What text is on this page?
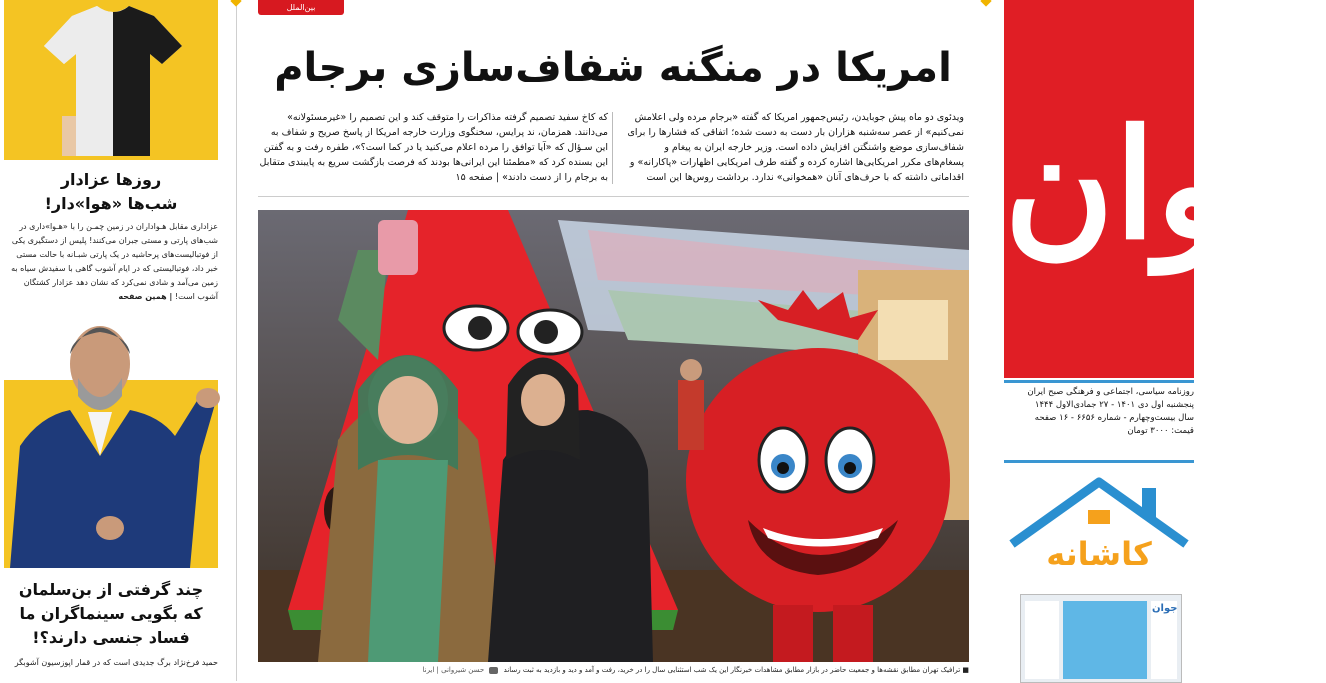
روزها عزادار
شب‌ها «هوا»دار!
عزاداری مقابل هـواداران در زمین چمـن را با «هـوا»داری در شب‌های پارتی و مستی جبران می‌کنند! پلیس از دستگیری یکی از فوتبالیست‌های پرحاشیه در یک پارتی شبـانه با حالت مستی خبر داد، فوتبالیستی که در ایام آشوب گاهی با سفیدش سیاه به زمین می‌آمد و شادی نمی‌کرد که نشان دهد عزادار کشتگان آشوب است! | همین صفحه
چند گرفتی از بن‌سلمان
که بگویی سینماگران ما
فساد جنسی دارند؟!
حمید فرخ‌نژاد برگ جدیدی است که در قمار اپوزسیون آشوبگر
بین‌الملل
امریکا در منگنه شفاف‌سازی برجام
ویدئوی دو ماه پیش جوبایدن، رئیس‌جمهور امریکا که گفته «برجام مرده ولی اعلامش نمی‌کنیم» از عصر سه‌شنبه هزاران بار دست به دست شده؛ اتفاقی که فشارها را برای شفاف‌سازی موضع واشنگتن افزایش داده است. وزیر خارجه ایران به پیغام و پسغام‌های مکرر امریکایی‌ها اشاره کرده و گفته طرف امریکایی اظهارات «پاکارانه» و اقداماتی داشته که با حرف‌های آنان «همخوانی» ندارد. برداشت روس‌ها این است
که کاخ سفید تصمیم گرفته مذاکرات را متوقف کند و این تصمیم را «غیرمسئولانه» می‌دانند. همزمان، ند پرایس، سخنگوی وزارت خارجه امریکا از پاسخ صریح و شفاف به این سـؤال که «آیا توافق را مرده اعلام می‌کنید یا در کما است؟»، طفره رفت و به گفتن این بسنده کرد که «مطمئنا این ایرانی‌ها بودند که فرصت بازگشت سریع به پایبندی متقابل به برجام را از دست دادند» | صفحه ۱۵
■ ترافیک تهران مطابق نقشه‌ها و جمعیت حاضر در بازار مطابق مشاهدات خبرنگار این یک شب استثنایی سال را در خرید، رفت و آمد و دید و بازدید به ثبت رساند  حسن شیروانی | ایرنا
جوان
روزنامه سیاسی، اجتماعی و فرهنگی صبح ایران
پنجشنبه اول دی ۱۴۰۱ - ۲۷ جمادی‌الاول ۱۴۴۴
سال بیست‌وچهارم - شماره ۶۶۵۶ - ۱۶ صفحه
قیمت: ۳۰۰۰ تومان
کاشانه
جوان
